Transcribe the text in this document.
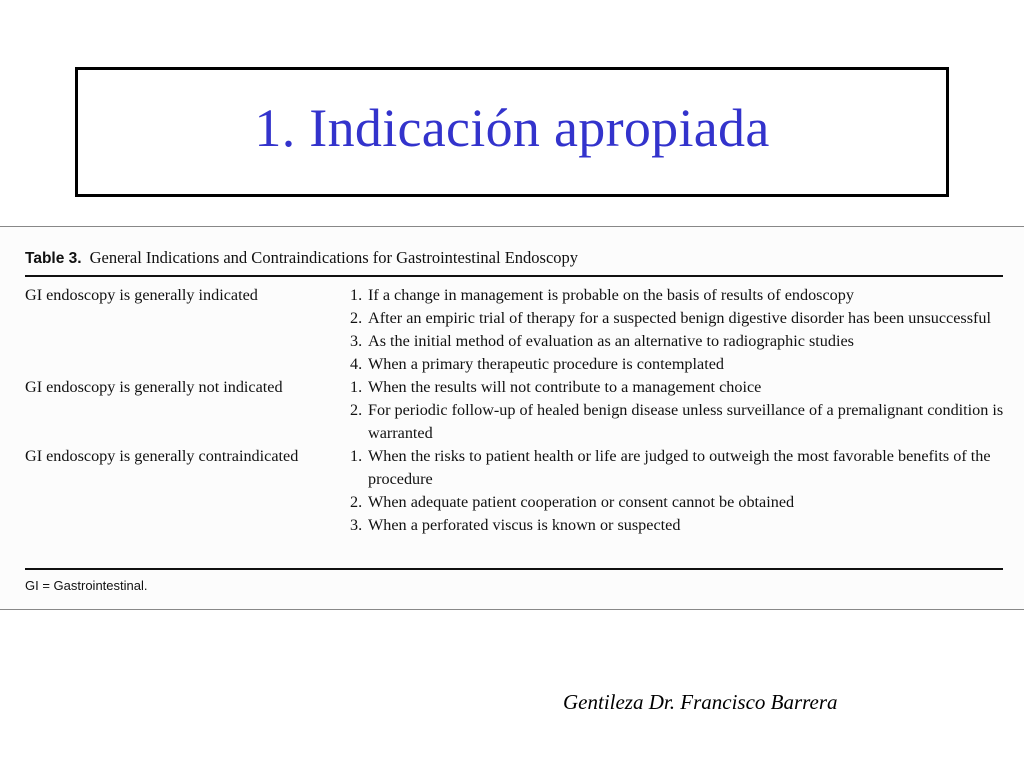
1. Indicación apropiada
Table 3. General Indications and Contraindications for Gastrointestinal Endoscopy
GI endoscopy is generally indicated	1. If a change in management is probable on the basis of results of endoscopy
2. After an empiric trial of therapy for a suspected benign digestive disorder has been unsuccessful
3. As the initial method of evaluation as an alternative to radiographic studies
4. When a primary therapeutic procedure is contemplated
GI endoscopy is generally not indicated	1. When the results will not contribute to a management choice
2. For periodic follow-up of healed benign disease unless surveillance of a premalignant condition is warranted
GI endoscopy is generally contraindicated	1. When the risks to patient health or life are judged to outweigh the most favorable benefits of the procedure
2. When adequate patient cooperation or consent cannot be obtained
3. When a perforated viscus is known or suspected
GI = Gastrointestinal.
Gentileza Dr. Francisco Barrera
